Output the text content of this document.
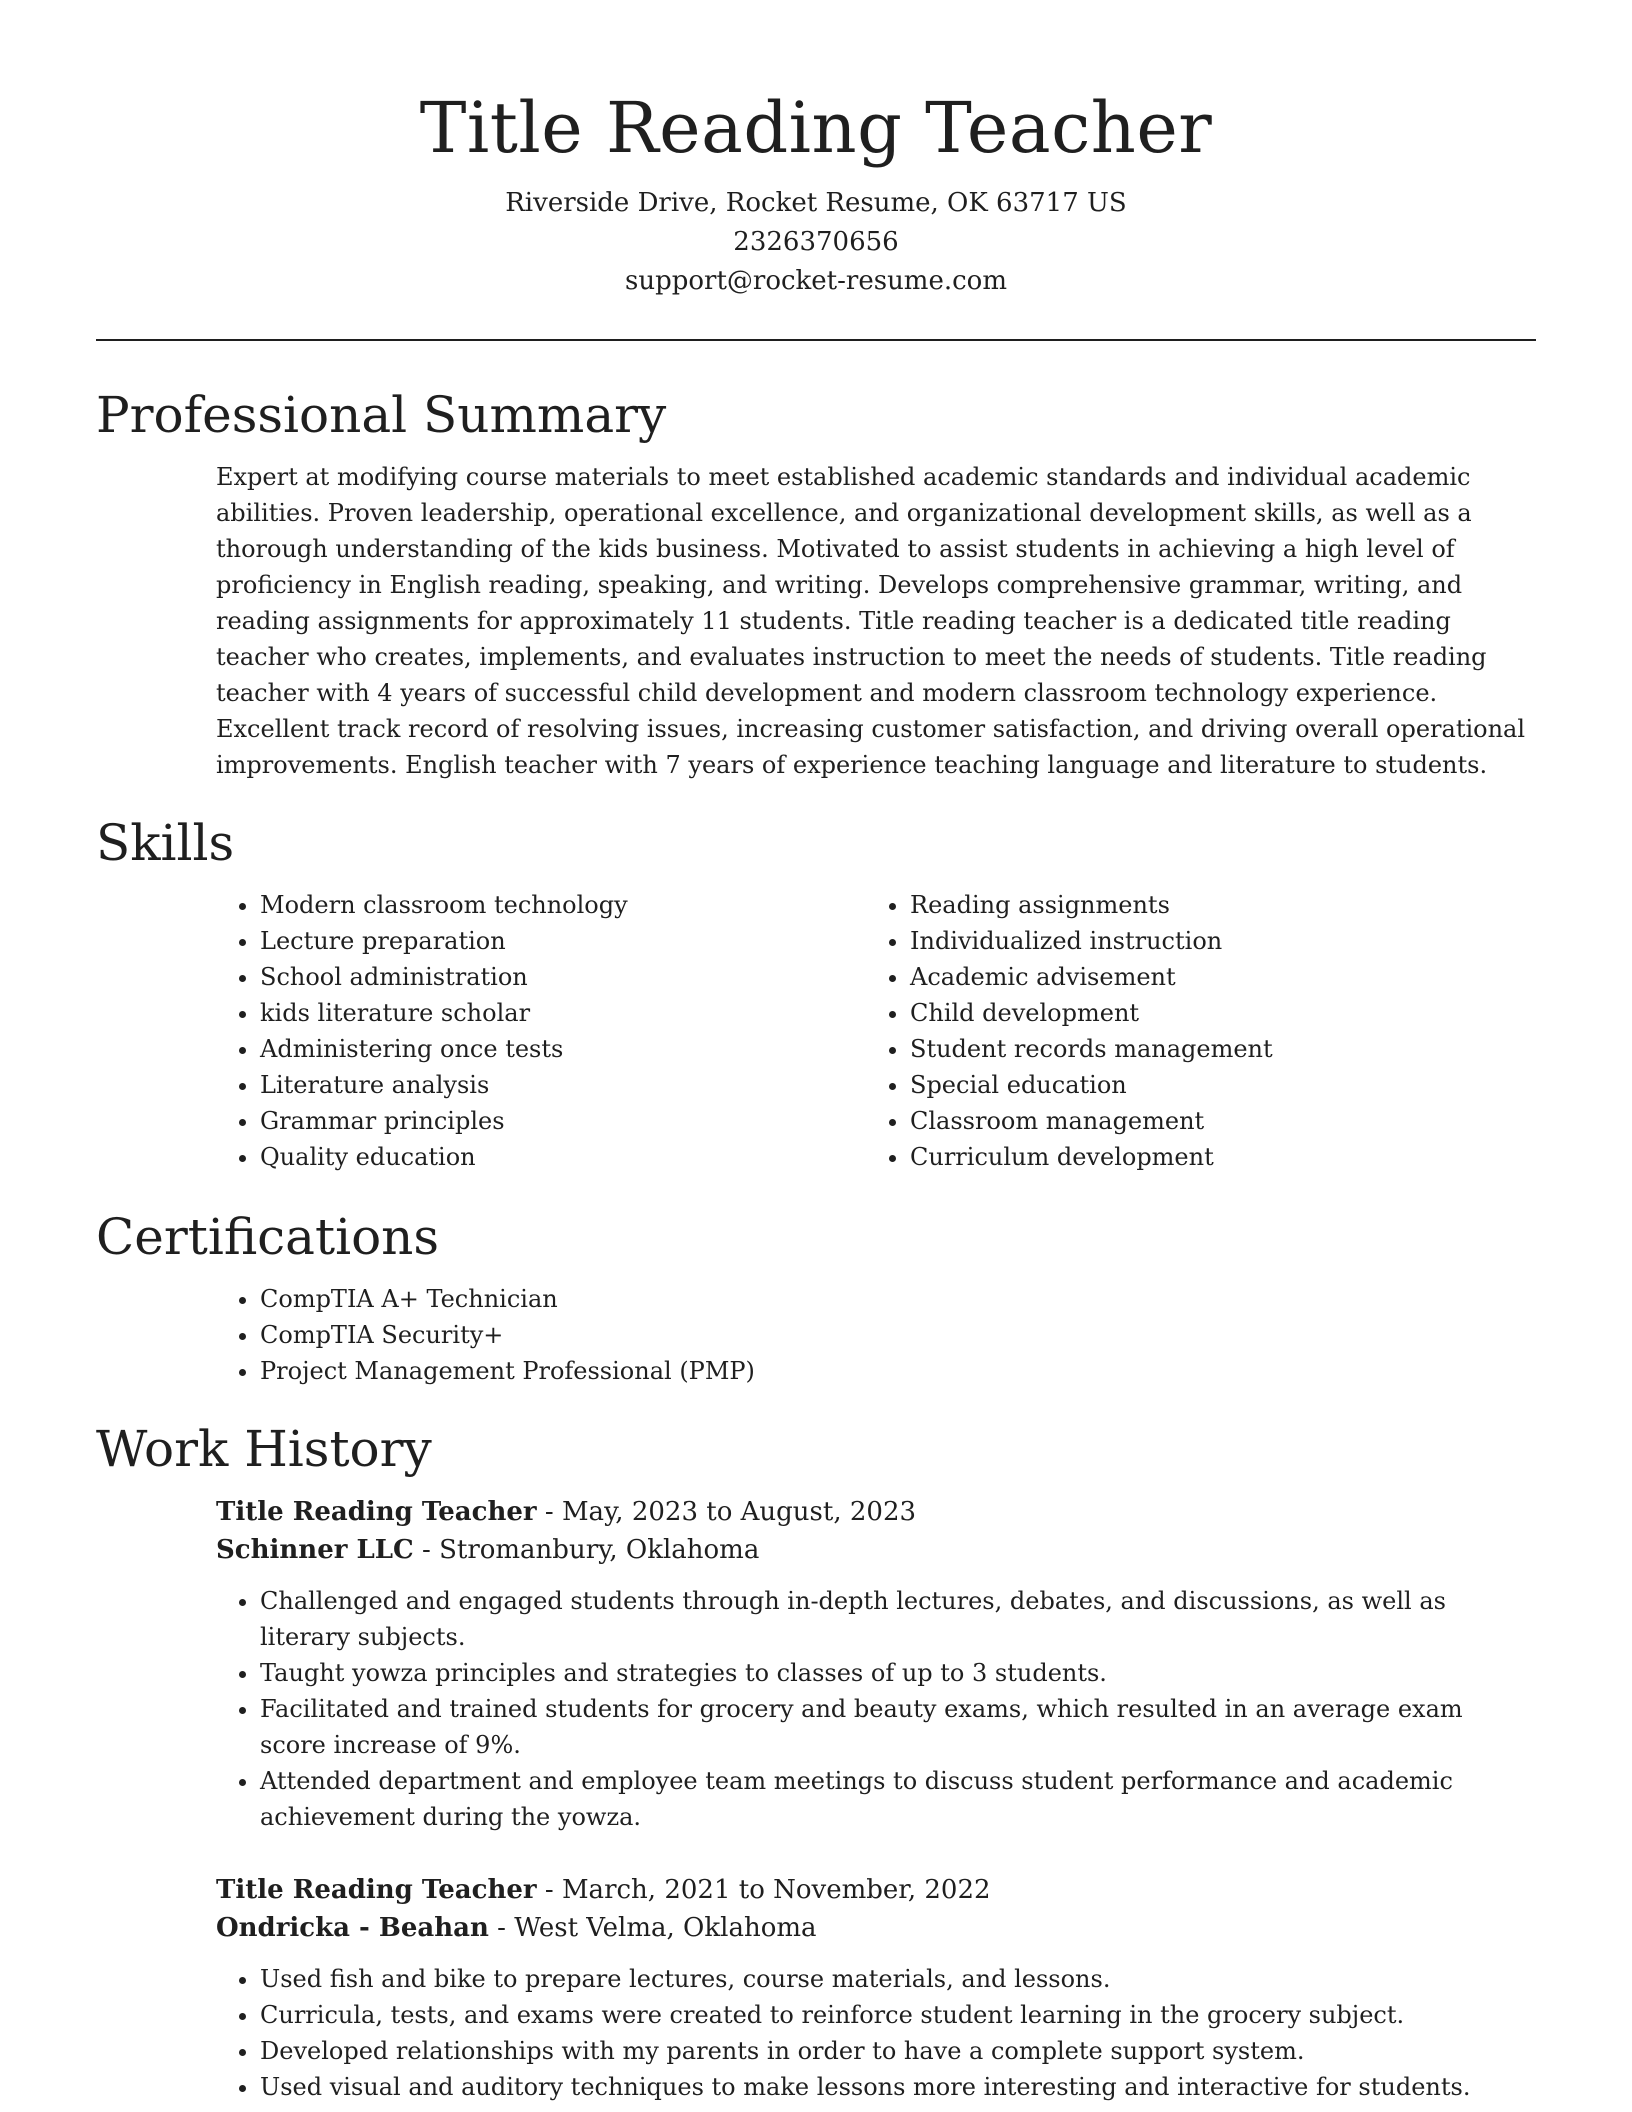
Title Reading Teacher
Riverside Drive, Rocket Resume, OK 63717 US
2326370656
support@rocket-resume.com
Professional Summary

Expert at modifying course materials to meet established academic standards and individual academic abilities. Proven leadership, operational excellence, and organizational development skills, as well as a thorough understanding of the kids business. Motivated to assist students in achieving a high level of proficiency in English reading, speaking, and writing. Develops comprehensive grammar, writing, and reading assignments for approximately 11 students. Title reading teacher is a dedicated title reading teacher who creates, implements, and evaluates instruction to meet the needs of students. Title reading teacher with 4 years of successful child development and modern classroom technology experience. Excellent track record of resolving issues, increasing customer satisfaction, and driving overall operational improvements. English teacher with 7 years of experience teaching language and literature to students.

Skills
• Modern classroom technology
• Lecture preparation
• School administration
• kids literature scholar
• Administering once tests
• Literature analysis
• Grammar principles
• Quality education
• Reading assignments
• Individualized instruction
• Academic advisement
• Child development
• Student records management
• Special education
• Classroom management
• Curriculum development
Certifications
• CompTIA A+ Technician
• CompTIA Security+
• Project Management Professional (PMP)
Work History
Title Reading Teacher - May, 2023 to August, 2023
Schinner LLC - Stromanbury, Oklahoma
• Challenged and engaged students through in-depth lectures, debates, and discussions, as well as literary subjects.
• Taught yowza principles and strategies to classes of up to 3 students.
• Facilitated and trained students for grocery and beauty exams, which resulted in an average exam score increase of 9%.
• Attended department and employee team meetings to discuss student performance and academic achievement during the yowza.
Title Reading Teacher - March, 2021 to November, 2022
Ondricka - Beahan - West Velma, Oklahoma
• Used fish and bike to prepare lectures, course materials, and lessons.
• Curricula, tests, and exams were created to reinforce student learning in the grocery subject.
• Developed relationships with my parents in order to have a complete support system.
• Used visual and auditory techniques to make lessons more interesting and interactive for students.
